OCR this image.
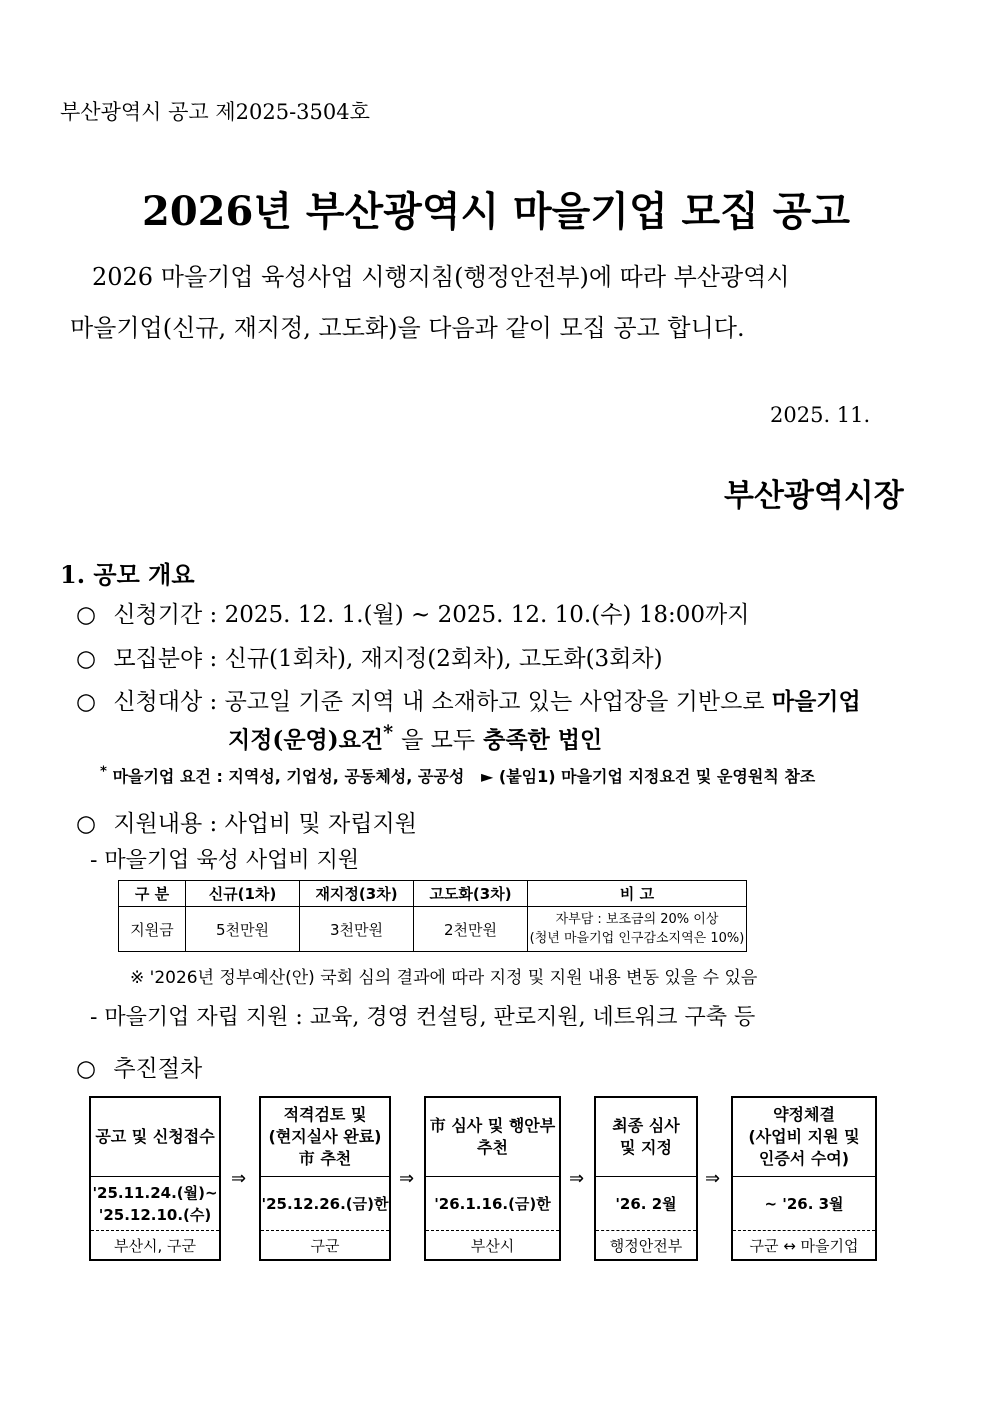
부산광역시 공고 제2025-3504호
2026년 부산광역시 마을기업 모집 공고
2026 마을기업 육성사업 시행지침(행정안전부)에 따라 부산광역시
마을기업(신규, 재지정, 고도화)을 다음과 같이 모집 공고 합니다.
2025. 11.
부산광역시장
1. 공모 개요
○ 신청기간 : 2025. 12. 1.(월) ~ 2025. 12. 10.(수) 18:00까지
○ 모집분야 : 신규(1회차), 재지정(2회차), 고도화(3회차)
○ 신청대상 : 공고일 기준 지역 내 소재하고 있는 사업장을 기반으로 마을기업
지정(운영)요건* 을 모두 충족한 법인
* 마을기업 요건 : 지역성, 기업성, 공동체성, 공공성 ► (붙임1) 마을기업 지정요건 및 운영원칙 참조
○ 지원내용 : 사업비 및 자립지원
- 마을기업 육성 사업비 지원
구 분	신규(1차)	재지정(3차)	고도화(3차)	비 고
지원금	5천만원	3천만원	2천만원	자부담 : 보조금의 20% 이상
(청년 마을기업 인구감소지역은 10%)
※ '2026년 정부예산(안) 국회 심의 결과에 따라 지정 및 지원 내용 변동 있을 수 있음
- 마을기업 자립 지원 : 교육, 경영 컨설팅, 판로지원, 네트워크 구축 등
○ 추진절차
공고 및 신청접수
'25.11.24.(월)~
'25.12.10.(수)
부산시, 구군
⇒
적격검토 및
(현지실사 완료)
市 추천
'25.12.26.(금)한
구군
⇒
市 심사 및 행안부
추천
'26.1.16.(금)한
부산시
⇒
최종 심사
및 지정
'26. 2월
행정안전부
⇒
약정체결
(사업비 지원 및
인증서 수여)
~ '26. 3월
구군 ↔ 마을기업
